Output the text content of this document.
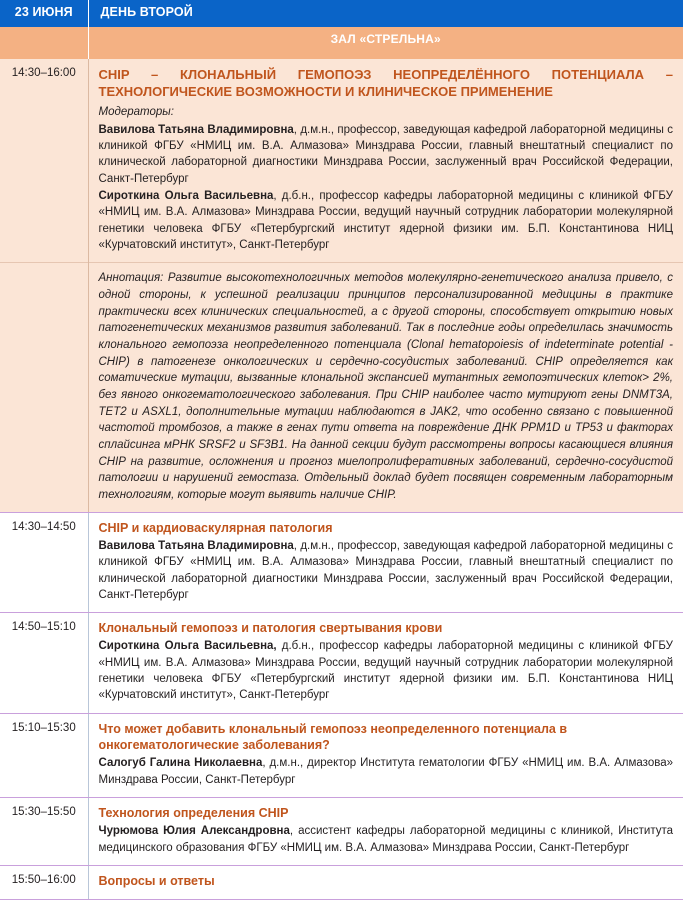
23 ИЮНЯ	ДЕНЬ ВТОРОЙ
	ЗАЛ «СТРЕЛЬНА»
14:30–16:00	CHIP – КЛОНАЛЬНЫЙ ГЕМОПОЭЗ НЕОПРЕДЕЛЁННОГО ПОТЕНЦИАЛА – ТЕХНОЛОГИЧЕСКИЕ ВОЗМОЖНОСТИ И КЛИНИЧЕСКОЕ ПРИМЕНЕНИЕ

Модераторы:

Вавилова Татьяна Владимировна, д.м.н., профессор, заведующая кафедрой лабораторной медицины с клиникой ФГБУ «НМИЦ им. В.А. Алмазова» Минздрава России, главный внештатный специалист по клинической лабораторной диагностики Минздрава России, заслуженный врач Российской Федерации, Санкт-Петербург

Сироткина Ольга Васильевна, д.б.н., профессор кафедры лабораторной медицины с клиникой ФГБУ «НМИЦ им. В.А. Алмазова» Минздрава России, ведущий научный сотрудник лаборатории молекулярной генетики человека ФГБУ «Петербургский институт ядерной физики им. Б.П. Константинова НИЦ «Курчатовский институт», Санкт-Петербург

	Аннотация: Развитие высокотехнологичных методов молекулярно-генетического анализа привело, с одной стороны, к успешной реализации принципов персонализированной медицины в практике практически всех клинических специальностей, а с другой стороны, способствует открытию новых патогенетических механизмов развития заболеваний. Так в последние годы определилась значимость клонального гемопоэза неопределенного потенциала (Clonal hematopoiesis of indeterminate potential - CHIP) в патогенезе онкологических и сердечно-сосудистых заболеваний. CHIP определяется как соматические мутации, вызванные клональной экспансией мутантных гемопоэтических клеток> 2%, без явного онкогематологического заболевания. При CHIP наиболее часто мутируют гены DNMT3A, TET2 и ASXL1, дополнительные мутации наблюдаются в JAK2, что особенно связано с повышенной частотой тромбозов, а также в генах пути ответа на повреждение ДНК PPM1D и TP53 и факторах сплайсинга мРНК SRSF2 и SF3B1. На данной секции будут рассмотрены вопросы касающиеся влияния CHIP на развитие, осложнения и прогноз миелопролиферативных заболеваний, сердечно-сосудистой патологии и нарушений гемостаза. Отдельный доклад будет посвящен современным лабораторным технологиям, которые могут выявить наличие CHIP.

14:30–14:50	CHIP и кардиоваскулярная патология

Вавилова Татьяна Владимировна, д.м.н., профессор, заведующая кафедрой лабораторной медицины с клиникой ФГБУ «НМИЦ им. В.А. Алмазова» Минздрава России, главный внештатный специалист по клинической лабораторной диагностики Минздрава России, заслуженный врач Российской Федерации, Санкт-Петербург

14:50–15:10	Клональный гемопоэз и патология свертывания крови

Сироткина Ольга Васильевна, д.б.н., профессор кафедры лабораторной медицины с клиникой ФГБУ «НМИЦ им. В.А. Алмазова» Минздрава России, ведущий научный сотрудник лаборатории молекулярной генетики человека ФГБУ «Петербургский институт ядерной физики им. Б.П. Константинова НИЦ «Курчатовский институт», Санкт-Петербург

15:10–15:30	Что может добавить клональный гемопоэз неопределенного потенциала в онкогематологические заболевания?

Салогуб Галина Николаевна, д.м.н., директор Института гематологии ФГБУ «НМИЦ им. В.А. Алмазова» Минздрава России, Санкт-Петербург

15:30–15:50	Технология определения CHIP

Чурюмова Юлия Александровна, ассистент кафедры лабораторной медицины с клиникой, Института медицинского образования ФГБУ «НМИЦ им. В.А. Алмазова» Минздрава России, Санкт-Петербург

15:50–16:00	Вопросы и ответы
